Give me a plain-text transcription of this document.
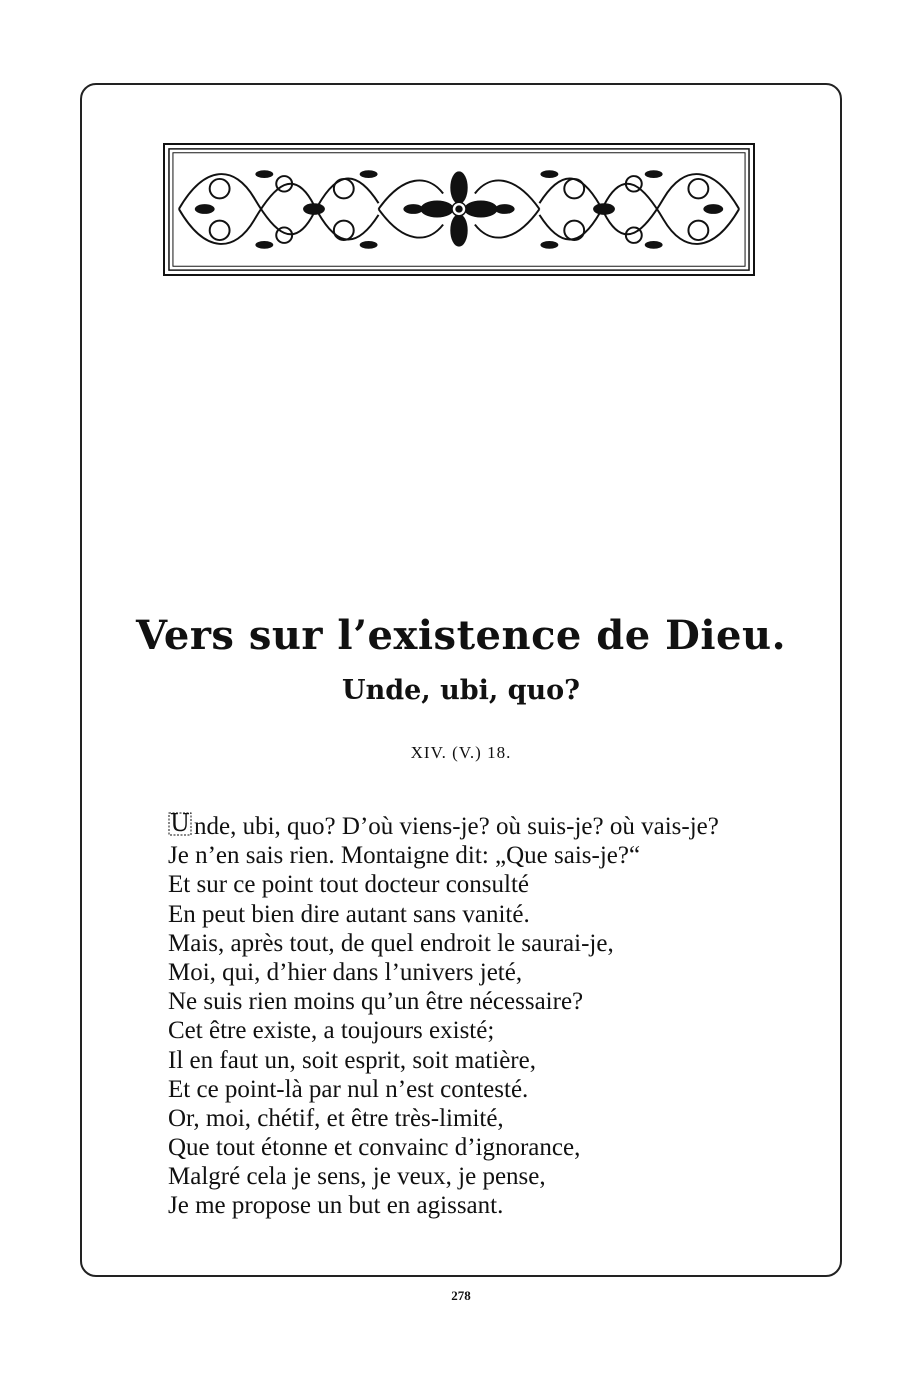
Vers sur l’existence de Dieu.
Unde, ubi, quo?
XIV. (V.) 18.
U nde, ubi, quo? D’où viens-je? où suis-je? où vais-je?
Je n’en sais rien. Montaigne dit: „Que sais-je?“
Et sur ce point tout docteur consulté
En peut bien dire autant sans vanité.
Mais, après tout, de quel endroit le saurai-je,
Moi, qui, d’hier dans l’univers jeté,
Ne suis rien moins qu’un être nécessaire?
Cet être existe, a toujours existé;
Il en faut un, soit esprit, soit matière,
Et ce point-là par nul n’est contesté.
Or, moi, chétif, et être très-limité,
Que tout étonne et convainc d’ignorance,
Malgré cela je sens, je veux, je pense,
Je me propose un but en agissant.
278
